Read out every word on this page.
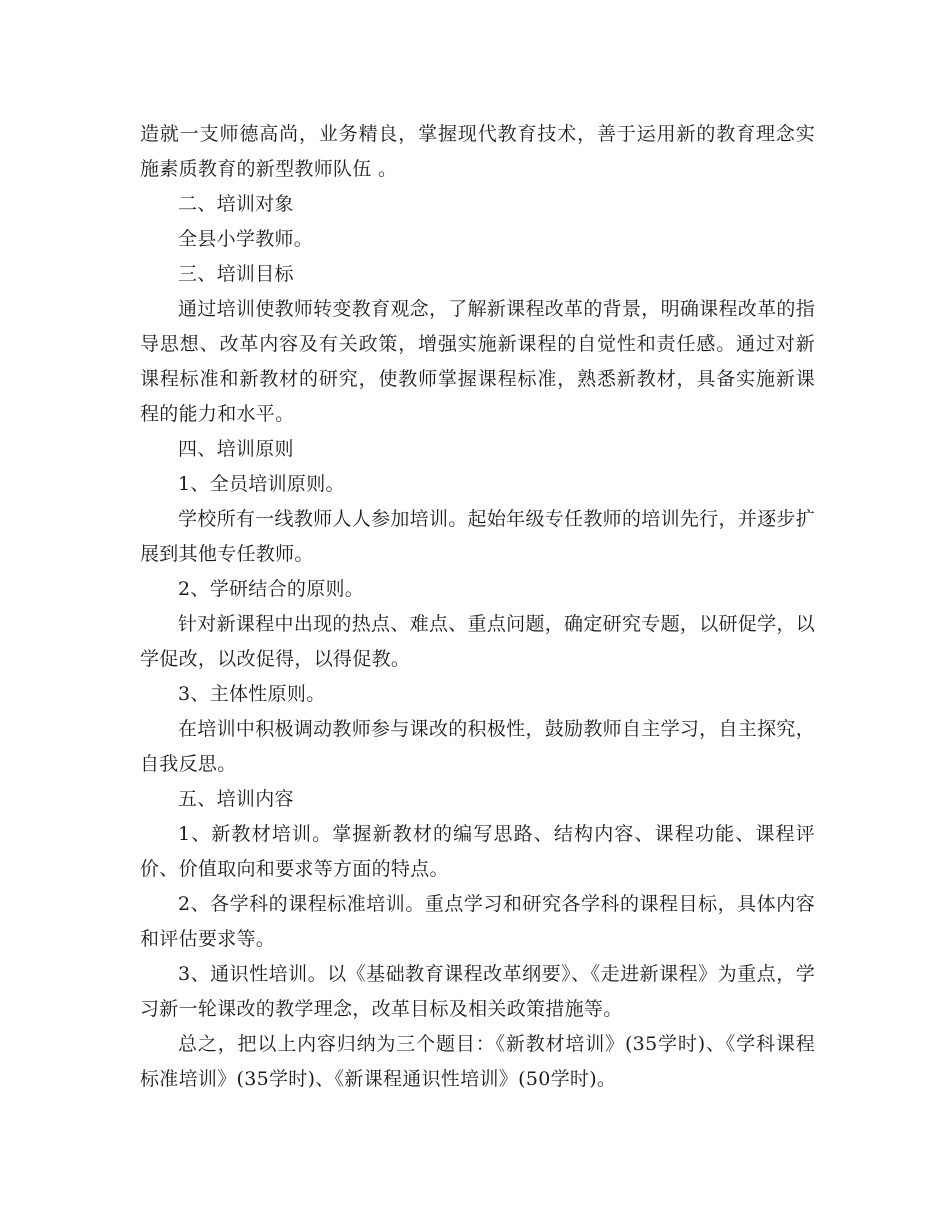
造就一支师德高尚，业务精良，掌握现代教育技术，善于运用新的教育理念实施素质教育的新型教师队伍 。

二、培训对象

全县小学教师。

三、培训目标

通过培训使教师转变教育观念，了解新课程改革的背景，明确课程改革的指导思想、改革内容及有关政策，增强实施新课程的自觉性和责任感。通过对新课程标准和新教材的研究，使教师掌握课程标准，熟悉新教材，具备实施新课程的能力和水平。

四、培训原则

1、全员培训原则。

学校所有一线教师人人参加培训。起始年级专任教师的培训先行，并逐步扩展到其他专任教师。

2、学研结合的原则。

针对新课程中出现的热点、难点、重点问题，确定研究专题，以研促学，以学促改，以改促得，以得促教。

3、主体性原则。

在培训中积极调动教师参与课改的积极性，鼓励教师自主学习，自主探究，自我反思。

五、培训内容

1、新教材培训。掌握新教材的编写思路、结构内容、课程功能、课程评价、价值取向和要求等方面的特点。

2、各学科的课程标准培训。重点学习和研究各学科的课程目标，具体内容和评估要求等。

3、通识性培训。以《基础教育课程改革纲要》、《走进新课程》为重点，学习新一轮课改的教学理念，改革目标及相关政策措施等。

总之，把以上内容归纳为三个题目：《新教材培训》(35学时)、《学科课程标准培训》(35学时)、《新课程通识性培训》(50学时)。
